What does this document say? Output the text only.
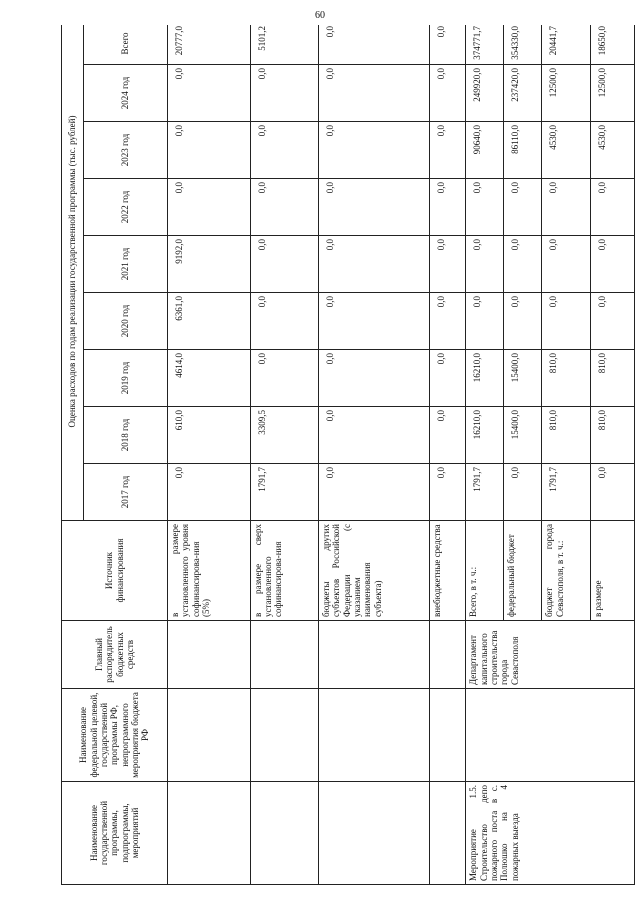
60
Наименование государственной программы, подпрограммы, мероприятий	Наименование федеральной целевой, государственной программы РФ, непрограммного мероприятия бюджета РФ	Главный распорядитель бюджетных средств	Источник финансирования	Оценка расходов по годам реализации государственной программы (тыс. рублей)								
				2017 год	2018 год	2019 год	2020 год	2021 год	2022 год	2023 год	2024 год	Всего
			в размере установленного уровня софинансирова-ния (5%)	0,0	610,0	4614,0	6361,0	9192,0	0,0	0,0	0,0	20777,0
			в размере сверх установленного софинансирова-ния	1791,7	3309,5	0,0	0,0	0,0	0,0	0,0	0,0	5101,2
			бюджеты других субъектов Российской Федерации (с указанием наименования субъекта)	0,0	0,0	0,0	0,0	0,0	0,0	0,0	0,0	0,0
			внебюджетные средства	0,0	0,0	0,0	0,0	0,0	0,0	0,0	0,0	0,0
Мероприятие 1.5. Строительство депо пожарного поста в с. Полюшко на 4 пожарных выезда		Департамент капитального строительства города Севастополя	Всего, в т. ч.:	1791,7	16210,0	16210,0	0,0	0,0	0,0	90640,0	249920,0	374771,7
			федеральный бюджет	0,0	15400,0	15400,0	0,0	0,0	0,0	86110,0	237420,0	354330,0
			бюджет города Севастополя, в т. ч.:	1791,7	810,0	810,0	0,0	0,0	0,0	4530,0	12500,0	20441,7
			в размере	0,0	810,0	810,0	0,0	0,0	0,0	4530,0	12500,0	18650,0
